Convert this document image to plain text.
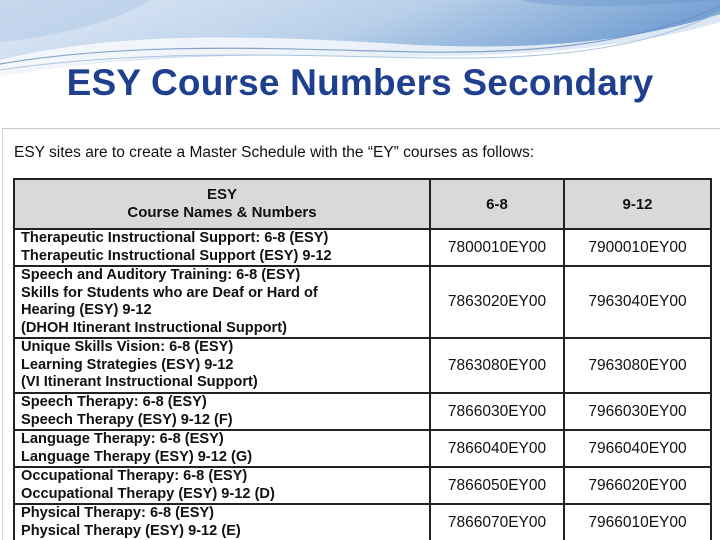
ESY Course Numbers Secondary
ESY sites are to create a Master Schedule with the “EY” courses as follows:
ESY
Course Names & Numbers	6-8	9-12

Therapeutic Instructional Support: 6-8 (ESY)
Therapeutic Instructional Support (ESY) 9-12	7800010EY00	7900010EY00

Speech and Auditory Training: 6-8 (ESY)
Skills for Students who are Deaf or Hard of
Hearing (ESY) 9-12
(DHOH Itinerant Instructional Support)	7863020EY00	7963040EY00

Unique Skills Vision: 6-8 (ESY)
Learning Strategies (ESY) 9-12
(VI Itinerant Instructional Support)	7863080EY00	7963080EY00

Speech Therapy: 6-8 (ESY)
Speech Therapy (ESY) 9-12 (F)	7866030EY00	7966030EY00

Language Therapy: 6-8 (ESY)
Language Therapy (ESY) 9-12 (G)	7866040EY00	7966040EY00

Occupational Therapy: 6-8 (ESY)
Occupational Therapy (ESY) 9-12 (D)	7866050EY00	7966020EY00

Physical Therapy: 6-8 (ESY)
Physical Therapy (ESY) 9-12 (E)	7866070EY00	7966010EY00
